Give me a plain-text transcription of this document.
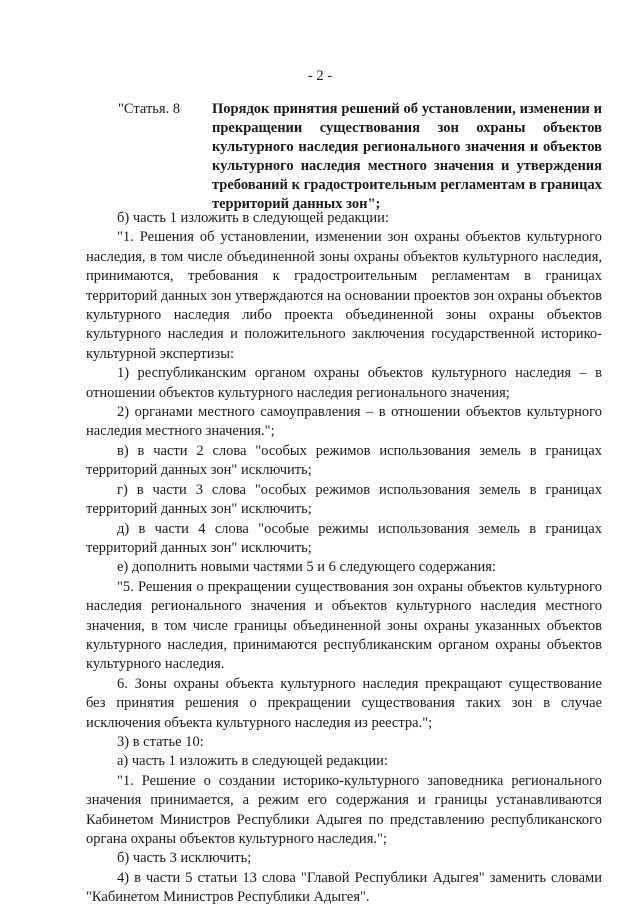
- 2 -
"Статья. 8	Порядок принятия решений об установлении, изменении и прекращении существования зон охраны объектов культурного наследия регионального значения и объектов культурного наследия местного значения и утверждения требований к градостроительным регламентам в границах территорий данных зон";

б) часть 1 изложить в следующей редакции:

"1. Решения об установлении, изменении зон охраны объектов культурного наследия, в том числе объединенной зоны охраны объектов культурного наследия, принимаются, требования к градостроительным регламентам в границах территорий данных зон утверждаются на основании проектов зон охраны объектов культурного наследия либо проекта объединенной зоны охраны объектов культурного наследия и положительного заключения государственной историко-культурной экспертизы:

1) республиканским органом охраны объектов культурного наследия – в отношении объектов культурного наследия регионального значения;

2) органами местного самоуправления – в отношении объектов культурного наследия местного значения.";

в) в части 2 слова "особых режимов использования земель в границах территорий данных зон" исключить;

г) в части 3 слова "особых режимов использования земель в границах территорий данных зон" исключить;

д) в части 4 слова "особые режимы использования земель в границах территорий данных зон" исключить;

е) дополнить новыми частями 5 и 6 следующего содержания:

"5. Решения о прекращении существования зон охраны объектов культурного наследия регионального значения и объектов культурного наследия местного значения, в том числе границы объединенной зоны охраны указанных объектов культурного наследия, принимаются республиканским органом охраны объектов культурного наследия.

6. Зоны охраны объекта культурного наследия прекращают существование без принятия решения о прекращении существования таких зон в случае исключения объекта культурного наследия из реестра.";

3) в статье 10:

а) часть 1 изложить в следующей редакции:

"1. Решение о создании историко-культурного заповедника регионального значения принимается, а режим его содержания и границы устанавливаются Кабинетом Министров Республики Адыгея по представлению республиканского органа охраны объектов культурного наследия.";

б) часть 3 исключить;

4) в части 5 статьи 13 слова "Главой Республики Адыгея" заменить словами "Кабинетом Министров Республики Адыгея".
